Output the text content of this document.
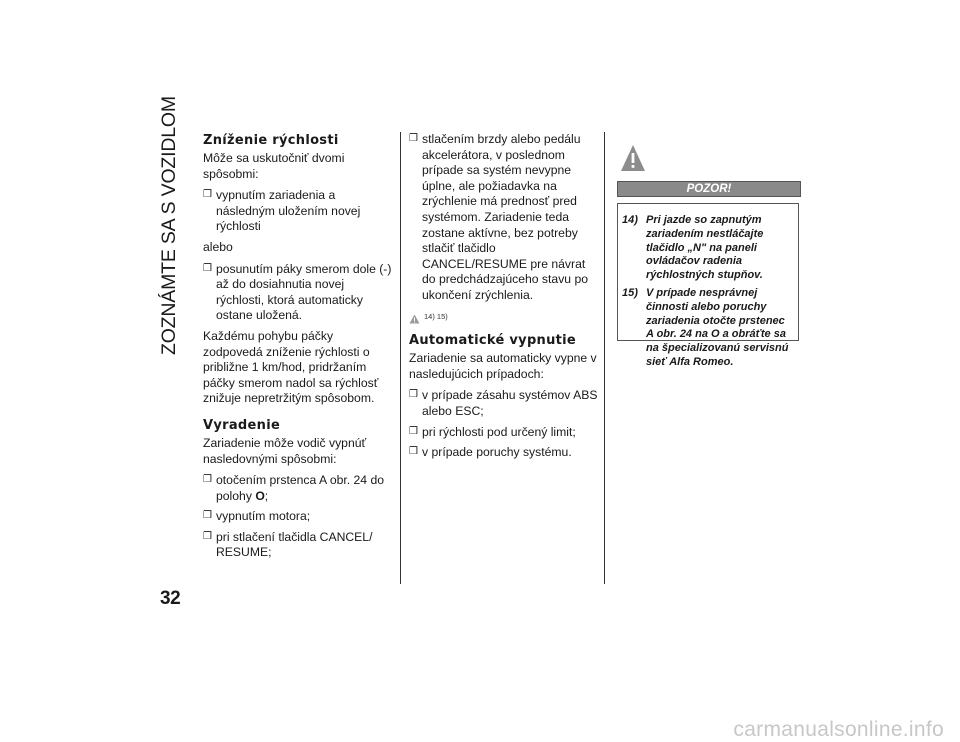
ZOZNÁMTE SA S VOZIDLOM
32
Zníženie rýchlosti

Môže sa uskutočniť dvomi spôsobmi:

❒ vypnutím zariadenia a následným uložením novej rýchlosti

alebo

❒ posunutím páky smerom dole (-) až do dosiahnutia novej rýchlosti, ktorá automaticky ostane uložená.

Každému pohybu páčky zodpovedá zníženie rýchlosti o približne 1 km/hod, pridržaním páčky smerom nadol sa rýchlosť znižuje nepretržitým spôsobom.

Vyradenie

Zariadenie môže vodič vypnúť nasledovnými spôsobmi:

❒ otočením prstenca A obr. 24 do polohy O;
❒ vypnutím motora;
❒ pri stlačení tlačidla CANCEL/ RESUME;
❒ stlačením brzdy alebo pedálu akcelerátora, v poslednom prípade sa systém nevypne úplne, ale požiadavka na zrýchlenie má prednosť pred systémom. Zariadenie teda zostane aktívne, bez potreby stlačiť tlačidlo CANCEL/RESUME pre návrat do predchádzajúceho stavu po ukončení zrýchlenia.
14) 15)
Automatické vypnutie

Zariadenie sa automaticky vypne v nasledujúcich prípadoch:

❒ v prípade zásahu systémov ABS alebo ESC;
❒ pri rýchlosti pod určený limit;
❒ v prípade poruchy systému.
POZOR!
14) Pri jazde so zapnutým zariadením nestláčajte tlačidlo „N" na paneli ovládačov radenia rýchlostných stupňov.
15) V prípade nesprávnej činnosti alebo poruchy zariadenia otočte prstenec A obr. 24 na O a obráťte sa na špecializovanú servisnú sieť Alfa Romeo.
carmanualsonline.info
